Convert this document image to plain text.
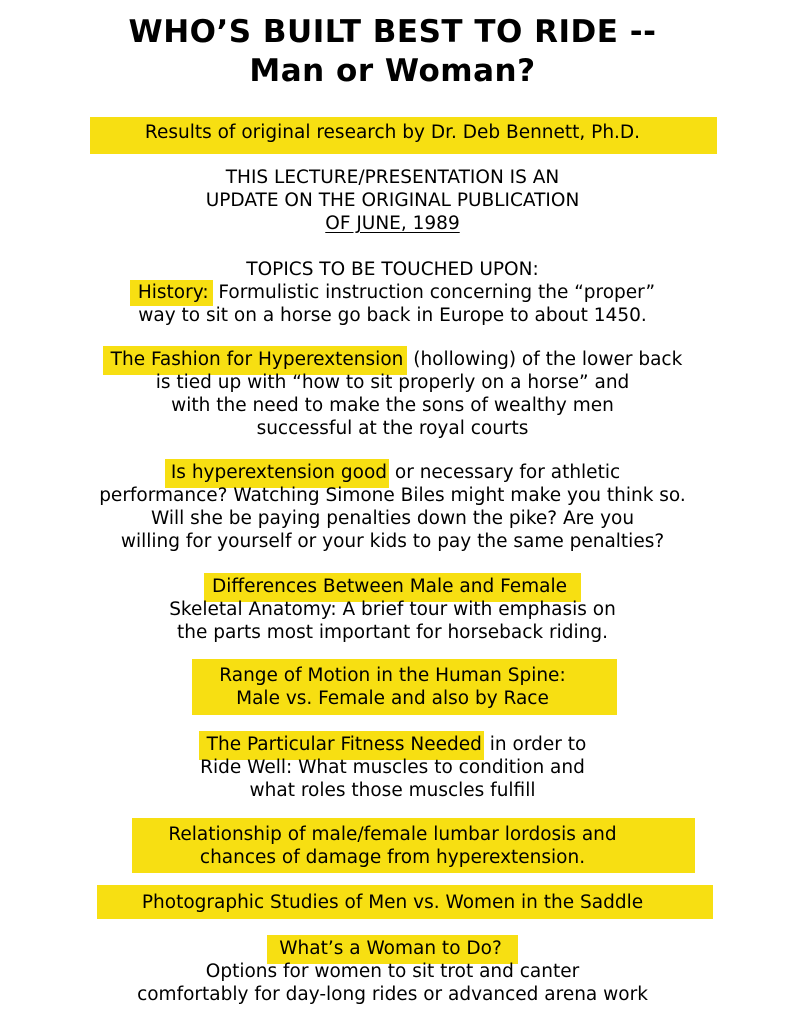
WHO’S BUILT BEST TO RIDE --
Man or Woman?
Results of original research by Dr. Deb Bennett, Ph.D.
THIS LECTURE/PRESENTATION IS AN
UPDATE ON THE ORIGINAL PUBLICATION
OF JUNE, 1989
TOPICS TO BE TOUCHED UPON:
History: Formulistic instruction concerning the “proper”
way to sit on a horse go back in Europe to about 1450.
The Fashion for Hyperextension (hollowing) of the lower back
is tied up with “how to sit properly on a horse” and
with the need to make the sons of wealthy men
successful at the royal courts
Is hyperextension good or necessary for athletic
performance? Watching Simone Biles might make you think so.
Will she be paying penalties down the pike? Are you
willing for yourself or your kids to pay the same penalties?
Differences Between Male and Female
Skeletal Anatomy: A brief tour with emphasis on
the parts most important for horseback riding.
Range of Motion in the Human Spine:
Male vs. Female and also by Race
The Particular Fitness Needed in order to
Ride Well: What muscles to condition and
what roles those muscles fulfill
Relationship of male/female lumbar lordosis and
chances of damage from hyperextension.
Photographic Studies of Men vs. Women in the Saddle
What’s a Woman to Do?
Options for women to sit trot and canter
comfortably for day-long rides or advanced arena work
